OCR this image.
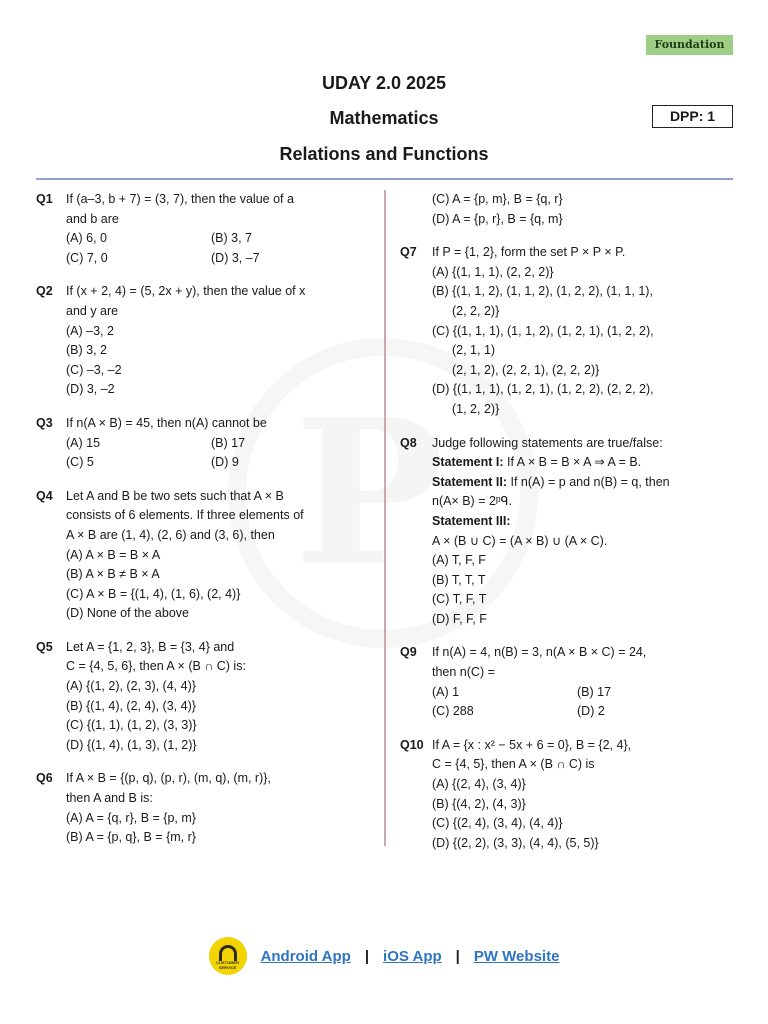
Foundation
UDAY 2.0 2025
Mathematics
Relations and Functions
DPP: 1
Q1 If (a–3, b + 7) = (3, 7), then the value of a
and b are
(A) 6, 0	(B) 3, 7
(C) 7, 0	(D) 3, –7
Q2 If (x + 2, 4) = (5, 2x + y), then the value of x
and y are
(A) –3, 2
(B) 3, 2
(C) –3, –2
(D) 3, –2
Q3 If n(A × B) = 45, then n(A) cannot be
(A) 15	(B) 17
(C) 5	(D) 9
Q4 Let A and B be two sets such that A × B
consists of 6 elements. If three elements of
A × B are (1, 4), (2, 6) and (3, 6), then
(A) A × B = B × A
(B) A × B ≠ B × A
(C) A × B = {(1, 4), (1, 6), (2, 4)}
(D) None of the above
Q5 Let A = {1, 2, 3}, B = {3, 4} and
C = {4, 5, 6}, then A × (B ∩ C) is:
(A) {(1, 2), (2, 3), (4, 4)}
(B) {(1, 4), (2, 4), (3, 4)}
(C) {(1, 1), (1, 2), (3, 3)}
(D) {(1, 4), (1, 3), (1, 2)}
Q6 If A × B = {(p, q), (p, r), (m, q), (m, r)},
then A and B is:
(A) A = {q, r}, B = {p, m}
(B) A = {p, q}, B = {m, r}
(C) A = {p, m}, B = {q, r}
(D) A = {p, r}, B = {q, m}
Q7 If P = {1, 2}, form the set P × P × P.
(A) {(1, 1, 1), (2, 2, 2)}
(B) {(1, 1, 2), (1, 1, 2), (1, 2, 2), (1, 1, 1),
(2, 2, 2)}
(C) {(1, 1, 1), (1, 1, 2), (1, 2, 1), (1, 2, 2),
(2, 1, 1)
(2, 1, 2), (2, 2, 1), (2, 2, 2)}
(D) {(1, 1, 1), (1, 2, 1), (1, 2, 2), (2, 2, 2),
(1, 2, 2)}
Q8 Judge following statements are true/false:
Statement I: If A × B = B × A ⇒ A = B.
Statement II: If n(A) = p and n(B) = q, then
n(A× B) = 2ᵖᑫ.
Statement III:
A × (B ∪ C) = (A × B) ∪ (A × C).
(A) T, F, F
(B) T, T, T
(C) T, F, T
(D) F, F, F
Q9 If n(A) = 4, n(B) = 3, n(A × B × C) = 24,
then n(C) =
(A) 1	(B) 17
(C) 288	(D) 2
Q10 If A = {x : x² − 5x + 6 = 0}, B = {2, 4},
C = {4, 5}, then A × (B ∩ C) is
(A) {(2, 4), (3, 4)}
(B) {(4, 2), (4, 3)}
(C) {(2, 4), (3, 4), (4, 4)}
(D) {(2, 2), (3, 3), (4, 4), (5, 5)}
CUSTOMER SERVICE
Android App | iOS App | PW Website
